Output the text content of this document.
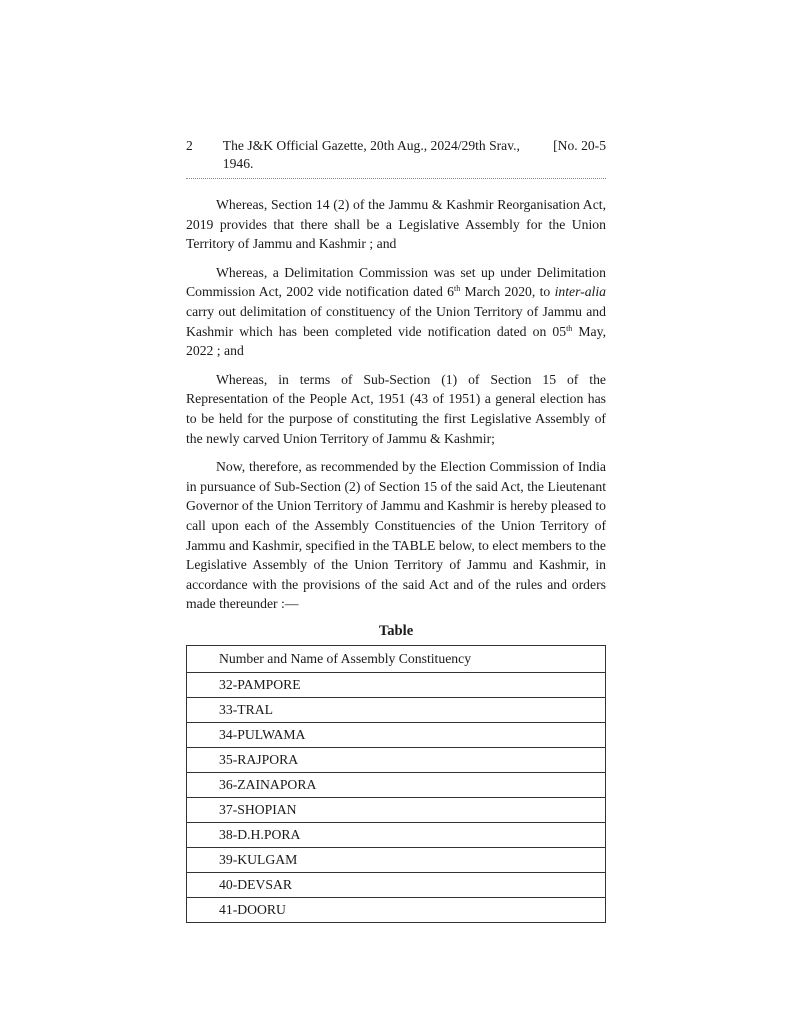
2	The J&K Official Gazette, 20th Aug., 2024/29th Srav., 1946.
[No. 20-5

Whereas, Section 14 (2) of the Jammu & Kashmir Reorganisation Act, 2019 provides that there shall be a Legislative Assembly for the Union Territory of Jammu and Kashmir ; and

Whereas, a Delimitation Commission was set up under Delimitation Commission Act, 2002 vide notification dated 6th March 2020, to inter-alia carry out delimitation of constituency of the Union Territory of Jammu and Kashmir which has been completed vide notification dated on 05th May, 2022 ; and

Whereas, in terms of Sub-Section (1) of Section 15 of the Representation of the People Act, 1951 (43 of 1951) a general election has to be held for the purpose of constituting the first Legislative Assembly of the newly carved Union Territory of Jammu & Kashmir;

Now, therefore, as recommended by the Election Commission of India in pursuance of Sub-Section (2) of Section 15 of the said Act, the Lieutenant Governor of the Union Territory of Jammu and Kashmir is hereby pleased to call upon each of the Assembly Constituencies of the Union Territory of Jammu and Kashmir, specified in the TABLE below, to elect members to the Legislative Assembly of the Union Territory of Jammu and Kashmir, in accordance with the provisions of the said Act and of the rules and orders made thereunder :—

Table
Number and Name of Assembly Constituency
32-PAMPORE
33-TRAL
34-PULWAMA
35-RAJPORA
36-ZAINAPORA
37-SHOPIAN
38-D.H.PORA
39-KULGAM
40-DEVSAR
41-DOORU
